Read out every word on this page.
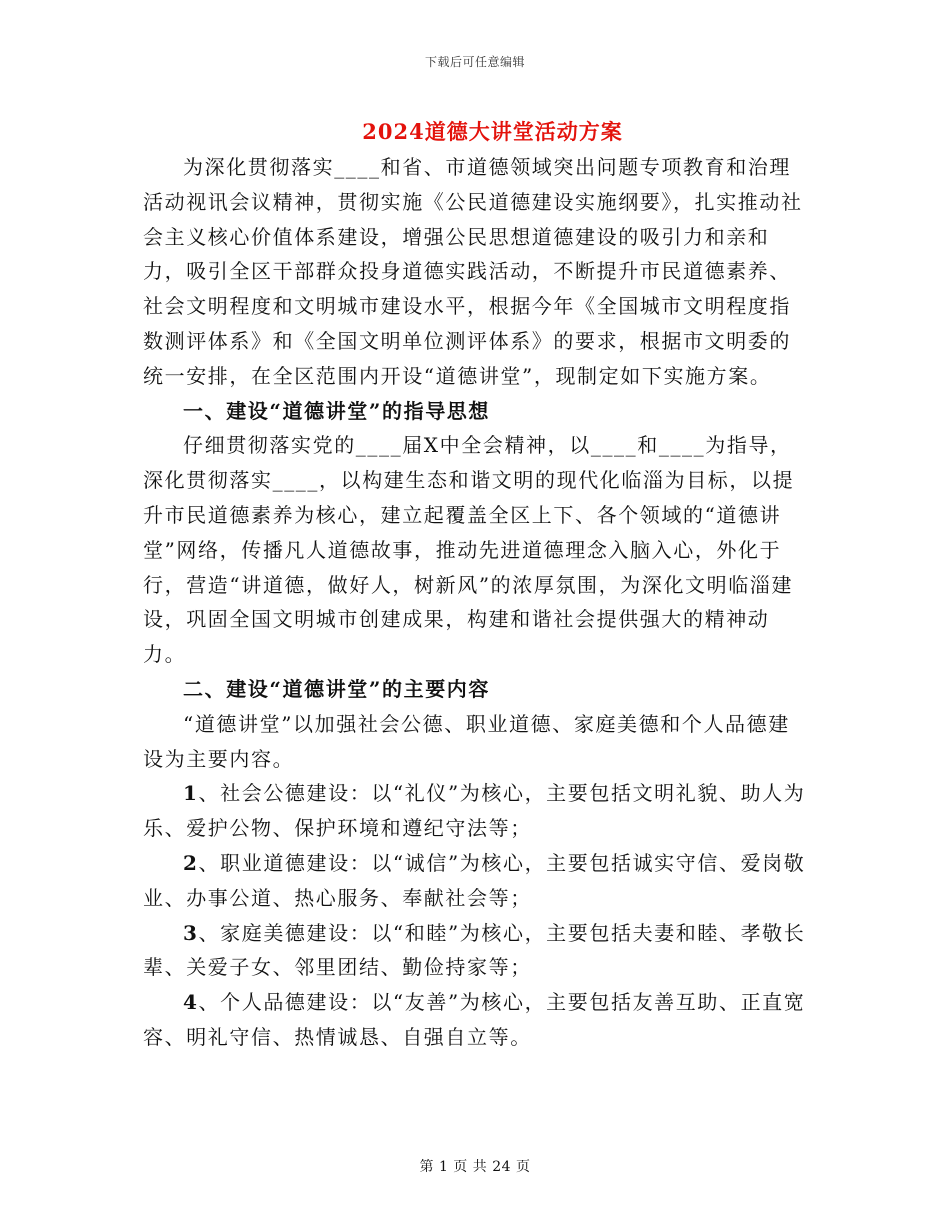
下载后可任意编辑
2024道德大讲堂活动方案

为深化贯彻落实____和省、市道德领域突出问题专项教育和治理活动视讯会议精神，贯彻实施《公民道德建设实施纲要》，扎实推动社会主义核心价值体系建设，增强公民思想道德建设的吸引力和亲和力，吸引全区干部群众投身道德实践活动，不断提升市民道德素养、社会文明程度和文明城市建设水平，根据今年《全国城市文明程度指数测评体系》和《全国文明单位测评体系》的要求，根据市文明委的统一安排，在全区范围内开设“道德讲堂”，现制定如下实施方案。

一、建设“道德讲堂”的指导思想

仔细贯彻落实党的____届X中全会精神，以____和____为指导，深化贯彻落实____，以构建生态和谐文明的现代化临淄为目标，以提升市民道德素养为核心，建立起覆盖全区上下、各个领域的“道德讲堂”网络，传播凡人道德故事，推动先进道德理念入脑入心，外化于行，营造“讲道德，做好人，树新风”的浓厚氛围，为深化文明临淄建设，巩固全国文明城市创建成果，构建和谐社会提供强大的精神动力。

二、建设“道德讲堂”的主要内容

“道德讲堂”以加强社会公德、职业道德、家庭美德和个人品德建设为主要内容。

1、社会公德建设：以“礼仪”为核心，主要包括文明礼貌、助人为乐、爱护公物、保护环境和遵纪守法等；

2、职业道德建设：以“诚信”为核心，主要包括诚实守信、爱岗敬业、办事公道、热心服务、奉献社会等；

3、家庭美德建设：以“和睦”为核心，主要包括夫妻和睦、孝敬长辈、关爱子女、邻里团结、勤俭持家等；

4、个人品德建设：以“友善”为核心，主要包括友善互助、正直宽容、明礼守信、热情诚恳、自强自立等。

第 1 页 共 24 页
